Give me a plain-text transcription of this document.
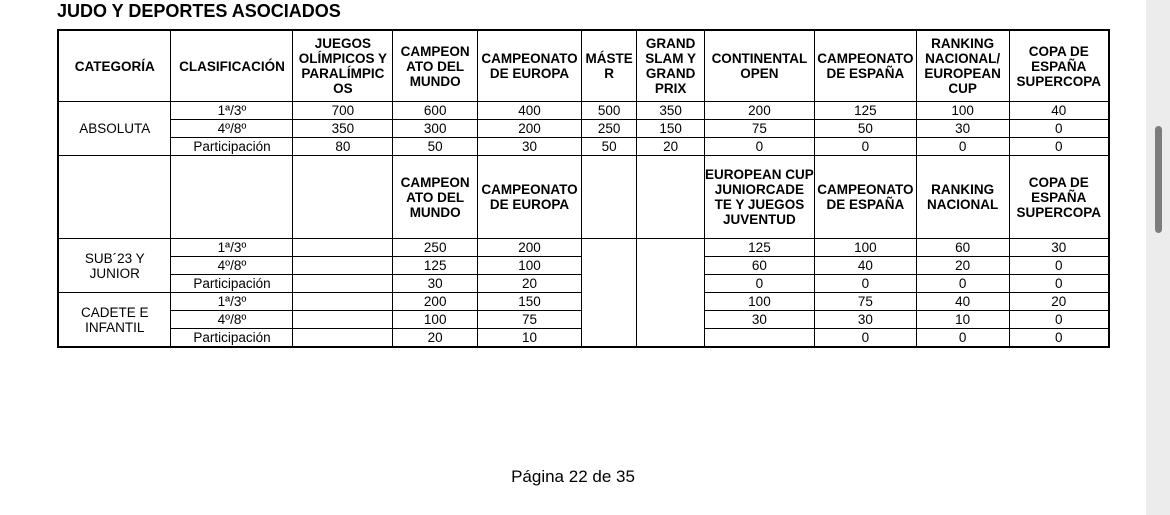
JUDO Y DEPORTES ASOCIADOS
CATEGORÍA	CLASIFICACIÓN	JUEGOS OLÍMPICOS Y PARALÍMPIC OS	CAMPEON ATO DEL MUNDO	CAMPEONATO DE EUROPA	MÁSTE R	GRAND SLAM Y GRAND PRIX	CONTINENTAL OPEN	CAMPEONATO DE ESPAÑA	RANKING NACIONAL/ EUROPEAN CUP	COPA DE ESPAÑA SUPERCOPA
ABSOLUTA	1ª/3º	700	600	400	500	350	200	125	100	40
	4º/8º	350	300	200	250	150	75	50	30	0
	Participación	80	50	30	50	20	0	0	0	0
			CAMPEON ATO DEL MUNDO	CAMPEONATO DE EUROPA			EUROPEAN CUP JUNIORCADE TE Y JUEGOS JUVENTUD	CAMPEONATO DE ESPAÑA	RANKING NACIONAL	COPA DE ESPAÑA SUPERCOPA
SUB´23 Y JUNIOR	1ª/3º		250	200			125	100	60	30
	4º/8º		125	100			60	40	20	0
	Participación		30	20			0	0	0	0
CADETE E INFANTIL	1ª/3º		200	150			100	75	40	20
	4º/8º		100	75			30	30	10	0
	Participación		20	10				0	0	0
Página 22 de 35
